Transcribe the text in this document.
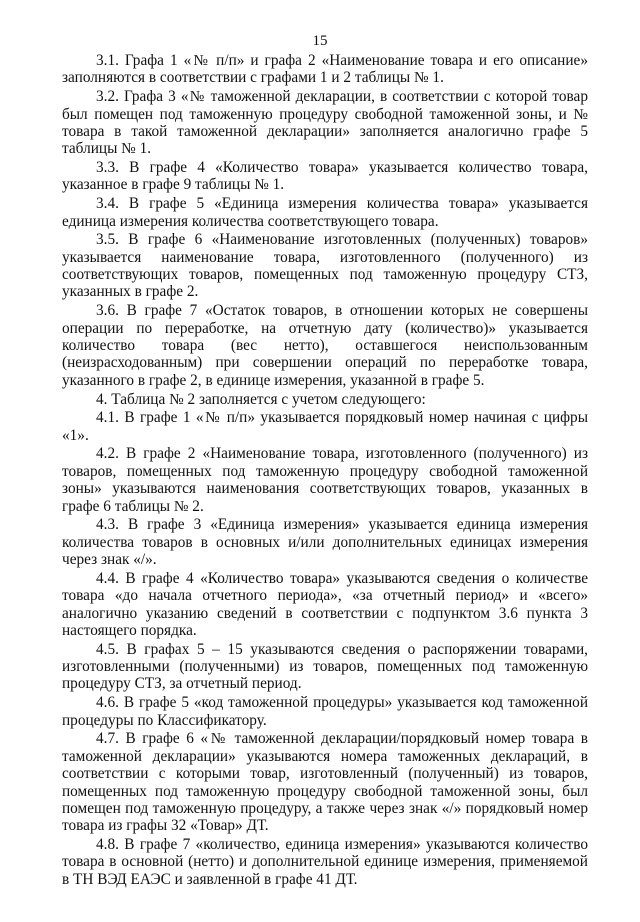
15

3.1. Графа 1 «№ п/п» и графа 2 «Наименование товара и его описание» заполняются в соответствии с графами 1 и 2 таблицы № 1.

3.2. Графа 3 «№ таможенной декларации, в соответствии с которой товар был помещен под таможенную процедуру свободной таможенной зоны, и № товара в такой таможенной декларации» заполняется аналогично графе 5 таблицы № 1.

3.3. В графе 4 «Количество товара» указывается количество товара, указанное в графе 9 таблицы № 1.

3.4. В графе 5 «Единица измерения количества товара» указывается единица измерения количества соответствующего товара.

3.5. В графе 6 «Наименование изготовленных (полученных) товаров» указывается наименование товара, изготовленного (полученного) из соответствующих товаров, помещенных под таможенную процедуру СТЗ, указанных в графе 2.

3.6. В графе 7 «Остаток товаров, в отношении которых не совершены операции по переработке, на отчетную дату (количество)» указывается количество товара (вес нетто), оставшегося неиспользованным (неизрасходованным) при совершении операций по переработке товара, указанного в графе 2, в единице измерения, указанной в графе 5.

4. Таблица № 2 заполняется с учетом следующего:

4.1. В графе 1 «№ п/п» указывается порядковый номер начиная с цифры «1».

4.2. В графе 2 «Наименование товара, изготовленного (полученного) из товаров, помещенных под таможенную процедуру свободной таможенной зоны» указываются наименования соответствующих товаров, указанных в графе 6 таблицы № 2.

4.3. В графе 3 «Единица измерения» указывается единица измерения количества товаров в основных и/или дополнительных единицах измерения через знак «/».

4.4. В графе 4 «Количество товара» указываются сведения о количестве товара «до начала отчетного периода», «за отчетный период» и «всего» аналогично указанию сведений в соответствии с подпунктом 3.6 пункта 3 настоящего порядка.

4.5. В графах 5 – 15 указываются сведения о распоряжении товарами, изготовленными (полученными) из товаров, помещенных под таможенную процедуру СТЗ, за отчетный период.

4.6. В графе 5 «код таможенной процедуры» указывается код таможенной процедуры по Классификатору.

4.7. В графе 6 «№ таможенной декларации/порядковый номер товара в таможенной декларации» указываются номера таможенных деклараций, в соответствии с которыми товар, изготовленный (полученный) из товаров, помещенных под таможенную процедуру свободной таможенной зоны, был помещен под таможенную процедуру, а также через знак «/» порядковый номер товара из графы 32 «Товар» ДТ.

4.8. В графе 7 «количество, единица измерения» указываются количество товара в основной (нетто) и дополнительной единице измерения, применяемой в ТН ВЭД ЕАЭС и заявленной в графе 41 ДТ.
